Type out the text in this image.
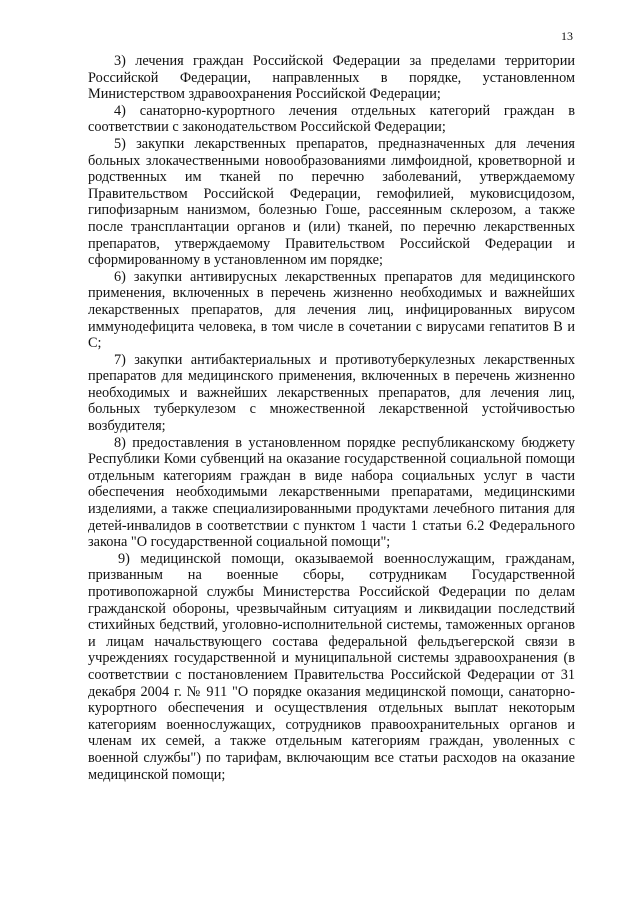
13

3) лечения граждан Российской Федерации за пределами территории Российской Федерации, направленных в порядке, установленном Министерством здравоохранения Российской Федерации;

4) санаторно-курортного лечения отдельных категорий граждан в соответствии с законодательством Российской Федерации;

5) закупки лекарственных препаратов, предназначенных для лечения больных злокачественными новообразованиями лимфоидной, кроветворной и родственных им тканей по перечню заболеваний, утверждаемому Правительством Российской Федерации, гемофилией, муковисцидозом, гипофизарным нанизмом, болезнью Гоше, рассеянным склерозом, а также после трансплантации органов и (или) тканей, по перечню лекарственных препаратов, утверждаемому Правительством Российской Федерации и сформированному в установленном им порядке;

6) закупки антивирусных лекарственных препаратов для медицинского применения, включенных в перечень жизненно необходимых и важнейших лекарственных препаратов, для лечения лиц, инфицированных вирусом иммунодефицита человека, в том числе в сочетании с вирусами гепатитов B и C;

7) закупки антибактериальных и противотуберкулезных лекарственных препаратов для медицинского применения, включенных в перечень жизненно необходимых и важнейших лекарственных препаратов, для лечения лиц, больных туберкулезом с множественной лекарственной устойчивостью возбудителя;

8) предоставления в установленном порядке республиканскому бюджету Республики Коми субвенций на оказание государственной социальной помощи отдельным категориям граждан в виде набора социальных услуг в части обеспечения необходимыми лекарственными препаратами, медицинскими изделиями, а также специализированными продуктами лечебного питания для детей-инвалидов в соответствии с пунктом 1 части 1 статьи 6.2 Федерального закона "О государственной социальной помощи";

9) медицинской помощи, оказываемой военнослужащим, гражданам, призванным на военные сборы, сотрудникам Государственной противопожарной службы Министерства Российской Федерации по делам гражданской обороны, чрезвычайным ситуациям и ликвидации последствий стихийных бедствий, уголовно-исполнительной системы, таможенных органов и лицам начальствующего состава федеральной фельдъегерской связи в учреждениях государственной и муниципальной системы здравоохранения (в соответствии с постановлением Правительства Российской Федерации от 31 декабря 2004 г. № 911 "О порядке оказания медицинской помощи, санаторно-курортного обеспечения и осуществления отдельных выплат некоторым категориям военнослужащих, сотрудников правоохранительных органов и членам их семей, а также отдельным категориям граждан, уволенных с военной службы") по тарифам, включающим все статьи расходов на оказание медицинской помощи;
